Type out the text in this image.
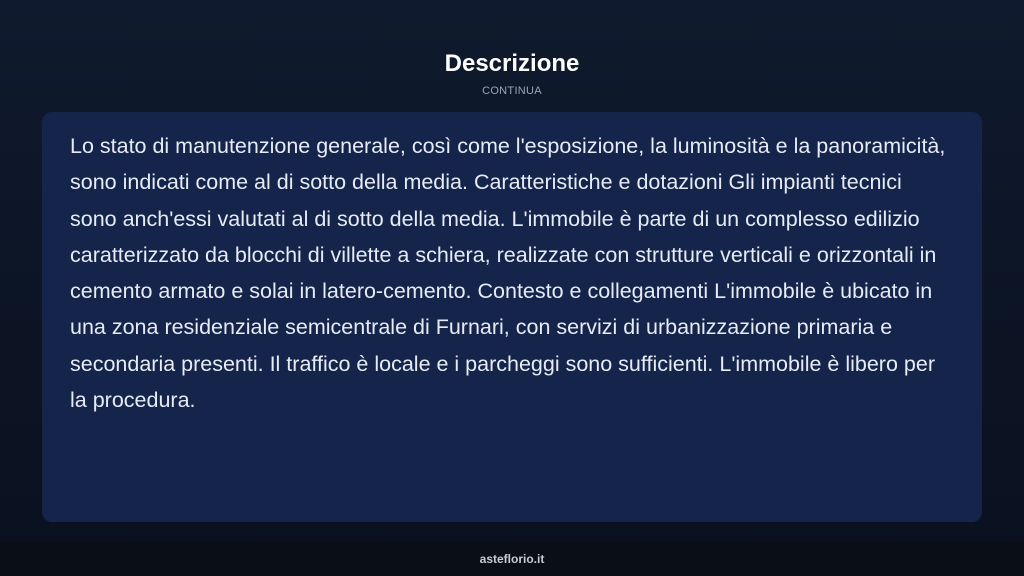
Descrizione
CONTINUA

Lo stato di manutenzione generale, così come l'esposizione, la luminosità e la panoramicità, sono indicati come al di sotto della media. Caratteristiche e dotazioni Gli impianti tecnici sono anch'essi valutati al di sotto della media. L'immobile è parte di un complesso edilizio caratterizzato da blocchi di villette a schiera, realizzate con strutture verticali e orizzontali in cemento armato e solai in latero-cemento. Contesto e collegamenti L'immobile è ubicato in una zona residenziale semicentrale di Furnari, con servizi di urbanizzazione primaria e secondaria presenti. Il traffico è locale e i parcheggi sono sufficienti. L'immobile è libero per la procedura.

asteflorio.it
